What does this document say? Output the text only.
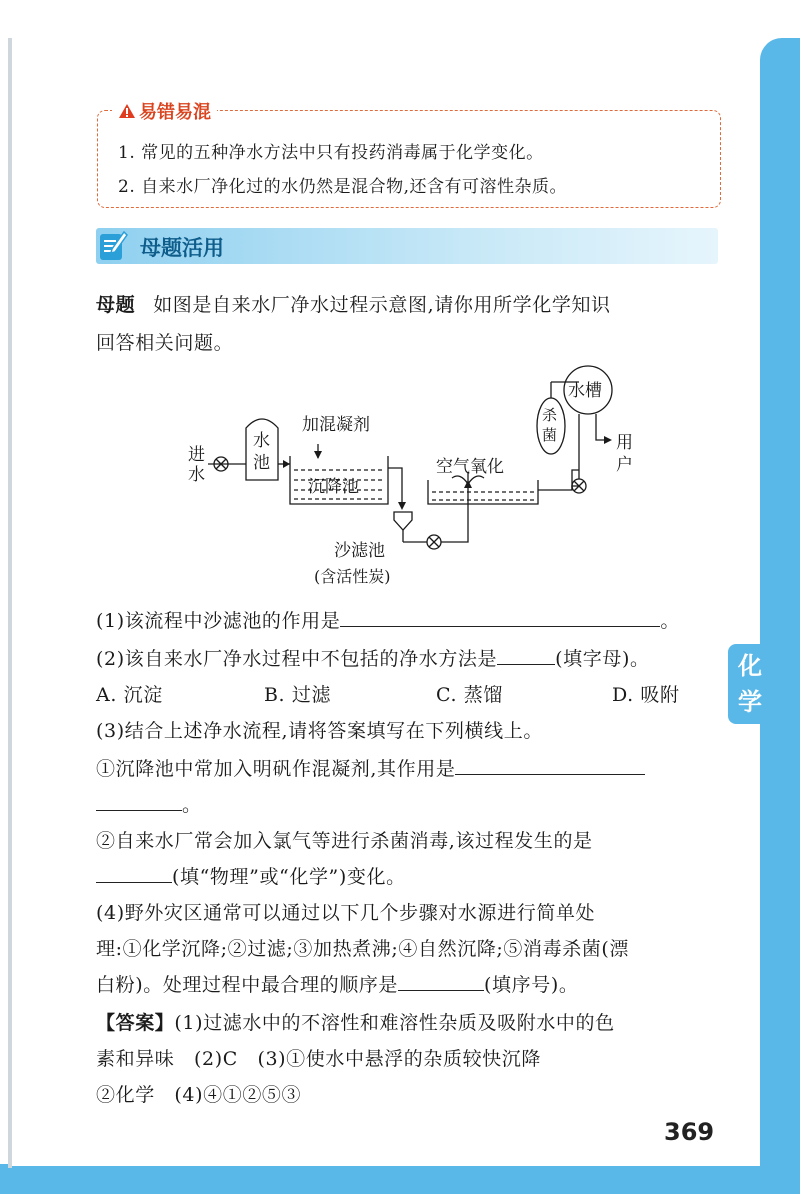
化
学
易错易混
1. 常见的五种净水方法中只有投药消毒属于化学变化。
2. 自来水厂净化过的水仍然是混合物,还含有可溶性杂质。
母题活用
母题 如图是自来水厂净水过程示意图,请你用所学化学知识
回答相关问题。
进
水
水
池
加混凝剂
沉降池
空气氧化
杀
菌
水槽
用
户
沙滤池
(含活性炭)
(1)该流程中沙滤池的作用是	。
(2)该自来水厂净水过程中不包括的净水方法是	(填字母)。
A. 沉淀	B. 过滤	C. 蒸馏	D. 吸附
(3)结合上述净水流程,请将答案填写在下列横线上。
①沉降池中常加入明矾作混凝剂,其作用是
。
②自来水厂常会加入氯气等进行杀菌消毒,该过程发生的是
(填“物理”或“化学”)变化。
(4)野外灾区通常可以通过以下几个步骤对水源进行简单处
理:①化学沉降;②过滤;③加热煮沸;④自然沉降;⑤消毒杀菌(漂
白粉)。处理过程中最合理的顺序是	(填序号)。
【答案】(1)过滤水中的不溶性和难溶性杂质及吸附水中的色
素和异味　(2)C　(3)①使水中悬浮的杂质较快沉降
②化学　(4)④①②⑤③
369
